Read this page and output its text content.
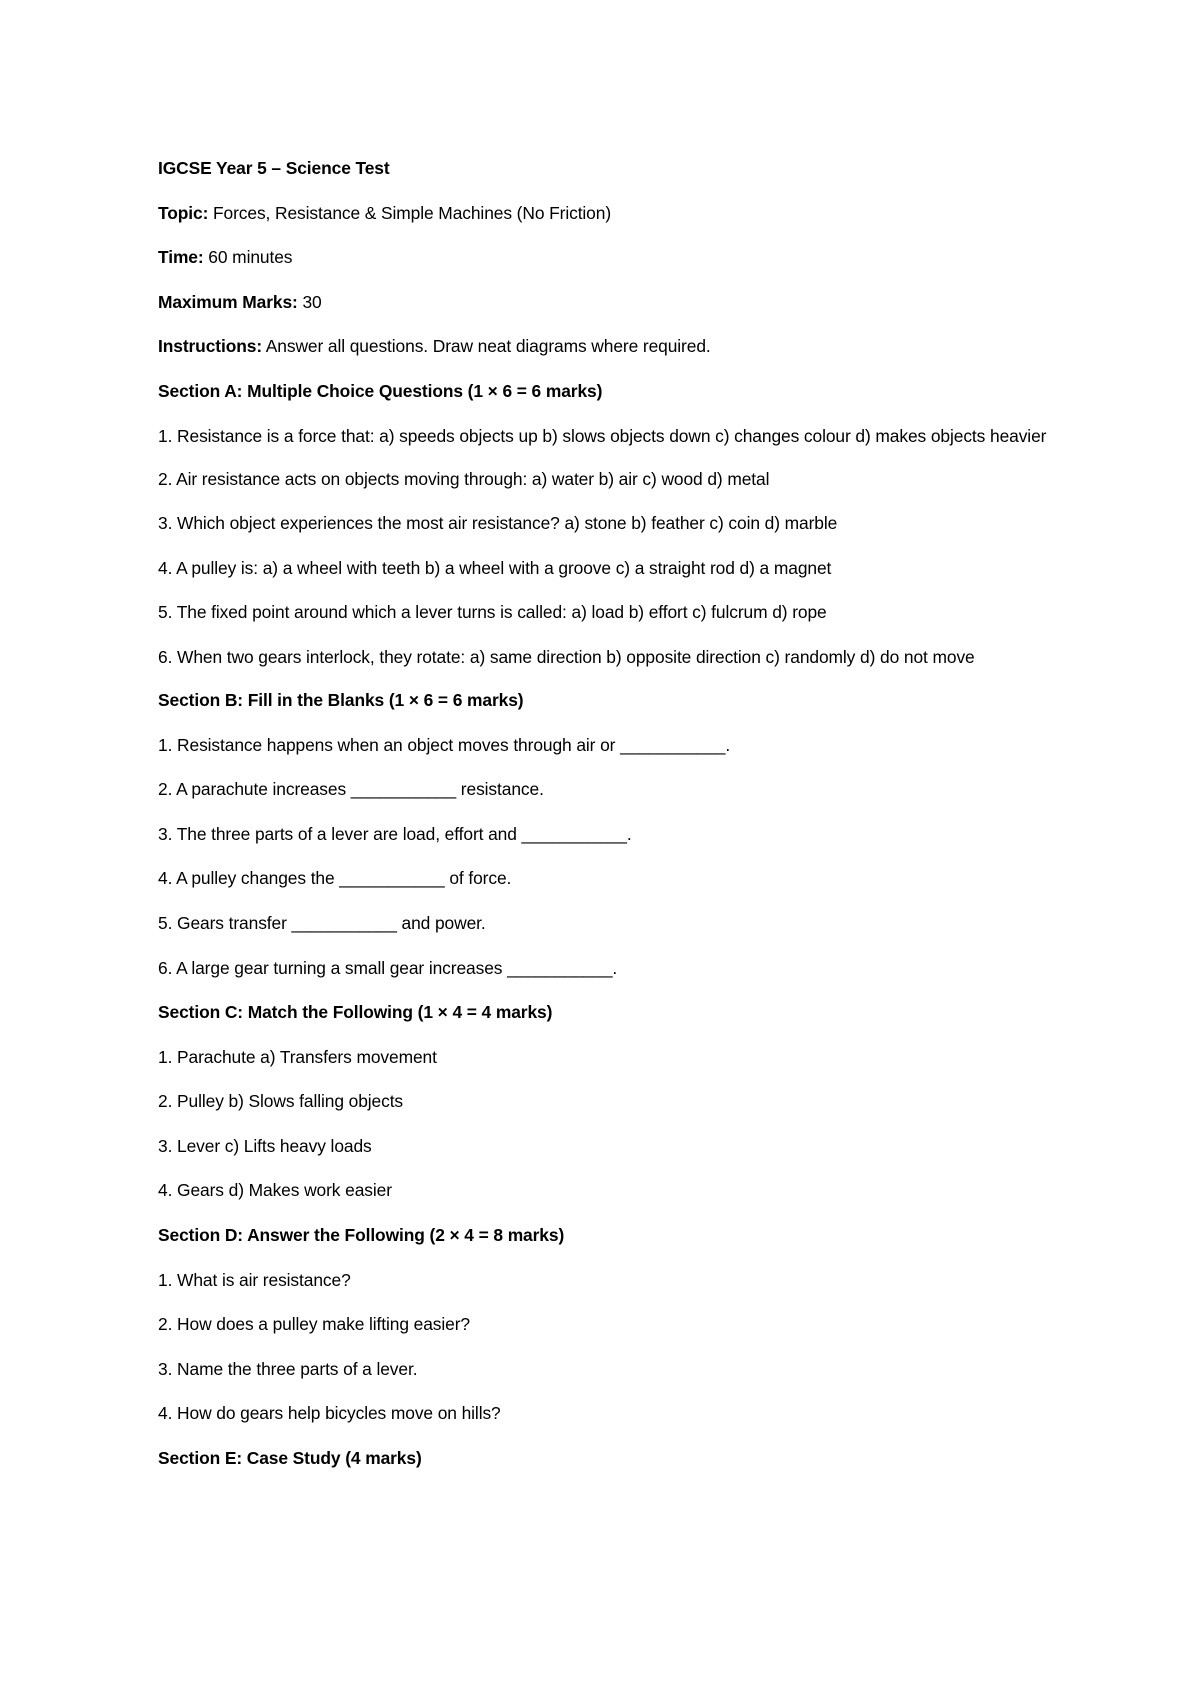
IGCSE Year 5 – Science Test

Topic: Forces, Resistance & Simple Machines (No Friction)

Time: 60 minutes

Maximum Marks: 30

Instructions: Answer all questions. Draw neat diagrams where required.

Section A: Multiple Choice Questions (1 × 6 = 6 marks)

1. Resistance is a force that: a) speeds objects up b) slows objects down c) changes colour d) makes objects heavier

2. Air resistance acts on objects moving through: a) water b) air c) wood d) metal

3. Which object experiences the most air resistance? a) stone b) feather c) coin d) marble

4. A pulley is: a) a wheel with teeth b) a wheel with a groove c) a straight rod d) a magnet

5. The fixed point around which a lever turns is called: a) load b) effort c) fulcrum d) rope

6. When two gears interlock, they rotate: a) same direction b) opposite direction c) randomly d) do not move

Section B: Fill in the Blanks (1 × 6 = 6 marks)

1. Resistance happens when an object moves through air or ___________.

2. A parachute increases ___________ resistance.

3. The three parts of a lever are load, effort and ___________.

4. A pulley changes the ___________ of force.

5. Gears transfer ___________ and power.

6. A large gear turning a small gear increases ___________.

Section C: Match the Following (1 × 4 = 4 marks)

1. Parachute a) Transfers movement

2. Pulley b) Slows falling objects

3. Lever c) Lifts heavy loads

4. Gears d) Makes work easier

Section D: Answer the Following (2 × 4 = 8 marks)

1. What is air resistance?

2. How does a pulley make lifting easier?

3. Name the three parts of a lever.

4. How do gears help bicycles move on hills?

Section E: Case Study (4 marks)
